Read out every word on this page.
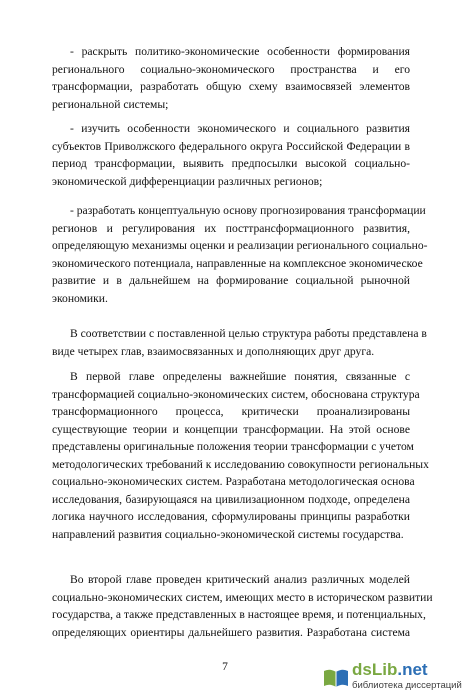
- раскрыть политико-экономические особенности формирования
регионального социально-экономического пространства и его
трансформации, разработать общую схему взаимосвязей элементов
региональной системы;
- изучить особенности экономического и социального развития
субъектов Приволжского федерального округа Российской Федерации в
период трансформации, выявить предпосылки высокой социально-
экономической дифференциации различных регионов;
- разработать концептуальную основу прогнозирования трансформации
регионов и регулирования их посттрансформационного развития,
определяющую механизмы оценки и реализации регионального социально-
экономического потенциала, направленные на комплексное экономическое
развитие и в дальнейшем на формирование социальной рыночной
экономики.
В соответствии с поставленной целью структура работы представлена в
виде четырех глав, взаимосвязанных и дополняющих друг друга.
В первой главе определены важнейшие понятия, связанные с
трансформацией социально-экономических систем, обоснована структура
трансформационного процесса, критически проанализированы
существующие теории и концепции трансформации. На этой основе
представлены оригинальные положения теории трансформации с учетом
методологических требований к исследованию совокупности региональных
социально-экономических систем. Разработана методологическая основа
исследования, базирующаяся на цивилизационном подходе, определена
логика научного исследования, сформулированы принципы разработки
направлений развития социально-экономической системы государства.
Во второй главе проведен критический анализ различных моделей
социально-экономических систем, имеющих место в историческом развитии
государства, а также представленных в настоящее время, и потенциальных,
определяющих ориентиры дальнейшего развития. Разработана система
7	dsLib.net
библиотека диссертаций
